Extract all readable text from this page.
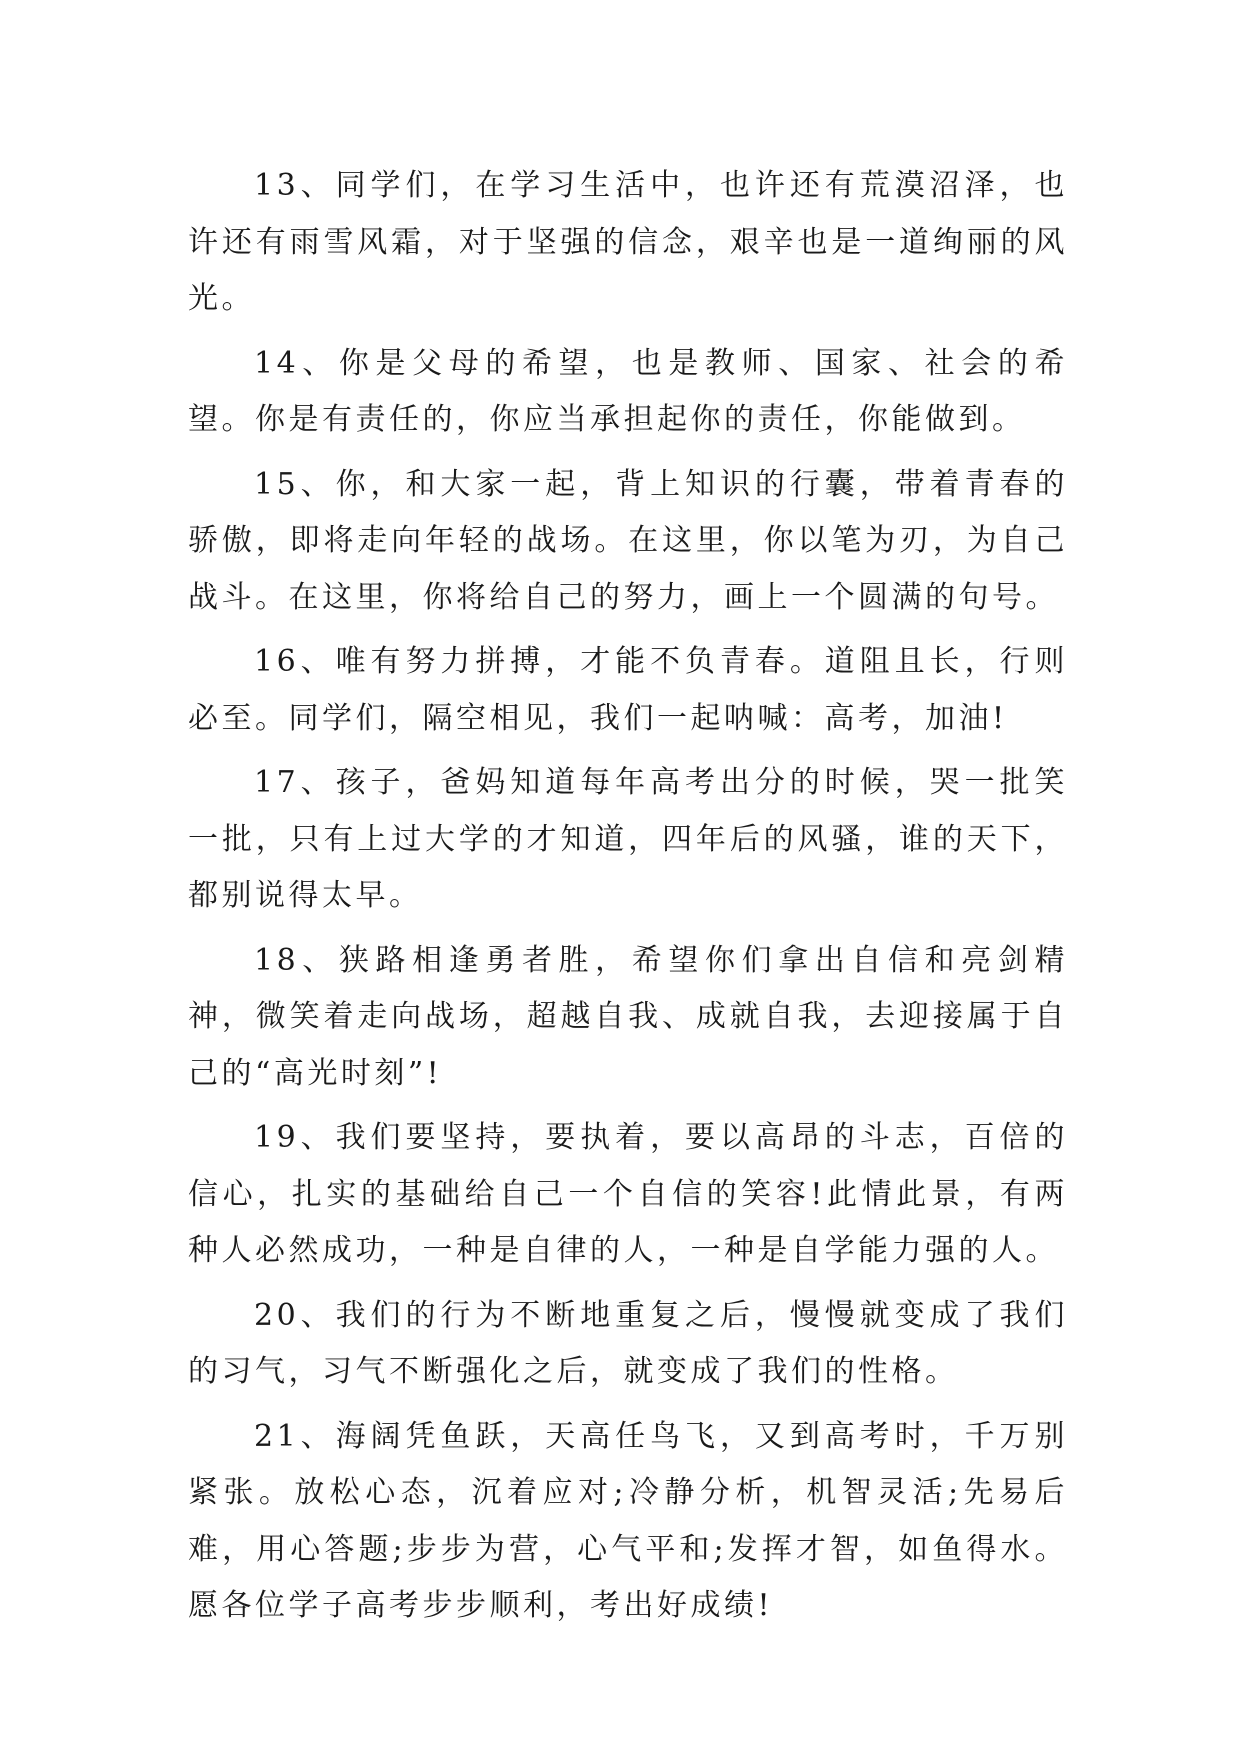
13、同学们，在学习生活中，也许还有荒漠沼泽，也许还有雨雪风霜，对于坚强的信念，艰辛也是一道绚丽的风光。

14、你是父母的希望，也是教师、国家、社会的希望。你是有责任的，你应当承担起你的责任，你能做到。

15、你，和大家一起，背上知识的行囊，带着青春的骄傲，即将走向年轻的战场。在这里，你以笔为刃，为自己战斗。在这里，你将给自己的努力，画上一个圆满的句号。

16、唯有努力拼搏，才能不负青春。道阻且长，行则必至。同学们，隔空相见，我们一起呐喊：高考，加油!

17、孩子，爸妈知道每年高考出分的时候，哭一批笑一批，只有上过大学的才知道，四年后的风骚，谁的天下，都别说得太早。

18、狭路相逢勇者胜，希望你们拿出自信和亮剑精神，微笑着走向战场，超越自我、成就自我，去迎接属于自己的“高光时刻”!

19、我们要坚持，要执着，要以高昂的斗志，百倍的信心，扎实的基础给自己一个自信的笑容!此情此景，有两种人必然成功，一种是自律的人，一种是自学能力强的人。

20、我们的行为不断地重复之后，慢慢就变成了我们的习气，习气不断强化之后，就变成了我们的性格。

21、海阔凭鱼跃，天高任鸟飞，又到高考时，千万别紧张。放松心态，沉着应对;冷静分析，机智灵活;先易后难，用心答题;步步为营，心气平和;发挥才智，如鱼得水。愿各位学子高考步步顺利，考出好成绩!
